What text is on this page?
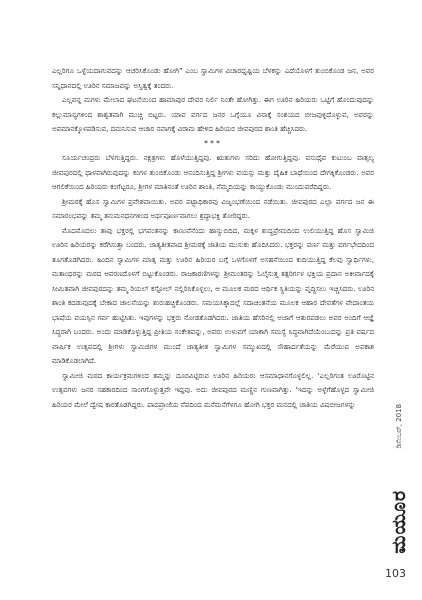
ಎಲ್ಲರಿಗೂ ಒಳ್ಳೆಯದಾಗುವದನ್ನು ಆಚರಿಸಿಕೊಂಡು ಹೋಗಿ” ಎಂಬ ಸ್ವಾಮಿಗಳ ವಿಚಾರಧೃಷ್ಟಿಯ ಬೆಳಕನ್ನು ಎದೆಯೊಳಗೆ ತುಂಬಿಕೊಂಡ ಜನ, ಅವರ ಸನ್ನಿಧಾನದಲ್ಲಿ ಊರಿನ ಸಮಾಜವನ್ನು ಅಸ್ತಿತ್ವಕ್ಕೆ ತಂದರು.

ಎಲ್ಲವನ್ನ ಮಗಳು ಮೇಲಾದ ಘಟನೆಯಿಂದ ಹಾಮಾಪುರ ದೇವರ ನಿರ್ಲಿ ನಿಂತೇ ಹೋಗಿತ್ತು. ಈಗ ಊರಿನ ಹಿರಿಯರು ಒಟ್ಟಿಗೆ ಹೊಂದುವುದನ್ನು ಕಲ್ಲುಮಾನ್ಯಗಳಿಂದ ಶಾಶ್ವತವಾಗಿ ಮುಚ್ಚಿ ಬಿಟ್ಟರು. ಯಾವ ವರ್ಗದ ಜನರ ಒಗ್ಗೆಯೂ ವಿನಾಕ್ಕೆ ಸಂಶಯದ ಬೀಜವುಳ್ಳಿದೊಳ್ಳುವ, ಅವರನ್ನು ಅಪಮಾನಕ್ಕೊಳಪಡಿಸುವ, ದಮನಿಸುವ ಆಚಾರ ನವಾಗಕ್ಕೆ ವಿರಾಮ ಹೇಳಿದ ಹಿರಿಯರ ಜೀವಪುರದ ಶಾಂತಿ ಹೆಚ್ಚಿಸಿದರು.

***

ಸೂರ್ಯಚಂದ್ರರು ಬೆಳಗುತ್ತಿದ್ದರು. ನಕ್ಷತ್ರಗಳು ಹೊಳೆಯುತ್ತಿದ್ದವು. ಋತುಗಳು ಸರಿದು ಹೋಗುತ್ತಿದ್ದವು. ವಸುಧೈವ ಕುಟುಂಬ ವಾತ್ಸಲ್ಯ ಜೀವಪುರದಲ್ಲಿ ಧಾಳವಾಗಿರುವುದನ್ನು ಕಂಗಳ ತುಂಬಿಕೊಂಡು ಆನಂದಿಸುತ್ತಿದ್ದ ಶ್ರೀಗಳು ವಯಸ್ಸು ಮತ್ತು ದೈಹಿಕ ಬಾಧೆಯಿಂದ ದೇಗಕ್ಕಿಕೊಂಡರು. ಅವರ ಆಗಲಿಕೆಯಿಂದ ಹಿರಿಯರು ಕಂಗೆಟ್ಟರೂ, ಶ್ರೀಗಳ ಮಾತಿನಂತೆ ಊರಿನ ಶಾಂತಿ, ನೆಮ್ಮದಿಯನ್ನು ಕಾಯ್ದುಕೊಂಡು ಮುಂದುವರೆದಿದ್ದರು.

ಶ್ರೀಮಠಕ್ಕೆ ಹೊಸ ಸ್ವಾಮಿಗಳ ಪ್ರವೇಶವಾಯಿತು. ಅವರ ಪಟ್ಟಾಧಿಕಾರವು ವಿಜೃಂಭಣೆಯಿಂದ ನಡೆಯಿತು. ಜೀವಪುರದ ಎಲ್ಲಾ ವರ್ಗದ ಜನ ಈ ಸಮಾರಂಭವನ್ನು ತಮ್ಮ ತನುಮನಧನಗಳಿಂದ ಅರ್ಥಪೂರ್ಣವಾಗಲು ಶ್ರದ್ಧಾಭಕ್ತಿ ತೋರಿದ್ದರು.

ಮೊದಮೊದಲು ತಾವು ಭಕ್ತರಲ್ಲಿ ಭಗವಂತನನ್ನು ಕಾಣುವೆನೆಂದು ಹಾಸ್ಯುಬಿದಿದ, ಮಕ್ಕಳ ಶುದ್ಧಪ್ರೇಮದಿಂದ ಉಲಿಯುತ್ತಿದ್ದ ಹೊಸ ಸ್ವಾಮಿಜಿ ಊರಿನ ಹಿರಿಯರನ್ನು ಕರೆಗಿಸುತ್ತಾ ಬಂದರು. ಜಾತ್ಯತೀತವಾದ ಶ್ರೀಮಠಕ್ಕೆ ಜಾತಿಯ ಮುಸುಕು ಹೊದಿಸಿದರು. ಭಕ್ತರನ್ನು ವರ್ಣ ಮತ್ತು ವರ್ಗಭೇದದಿಂದ ತೂಗತೊಡಗಿದರು. ಹಿಂದಿನ ಸ್ವಾಮಿಗಳ ಮಾತ್ಸ ಮತ್ತು ಊರಿನ ಹಿರಿಯರ ಬಗ್ಗೆ ಒಳಗೊಳಗೆ ಅಸಹನೆಯಿಂದ ಕುದಿಯುತ್ತಿದ್ದ ಕೆಲವು ಸ್ವಾರ್ಥಿಗಳು, ಮತಾಂಧರನ್ನು ಮಠದ ಆವರಣದೊಳಗೆ ಬಿಟ್ಟುಕೊಂಡರು. ರಾಜಕಾರಣಿಗಳನ್ನು ಶ್ರೀಮಂತರನ್ನು ಓಲೈಸುತ್ತ ತತ್ಪರಿರ್ಗಳ ಭಕ್ತಿಯ ಪ್ರದಾನ ಅಕೀರ್ವಾದಕ್ಕೆ ಸೀಮಿತವಾಗಿ ಜೀವಪುರದನ್ನು ತಮ್ಮ ರಿಯಲ್ ಕಸ್ಟೋಲ್ ನಲ್ಲಿರಿಸಿಕೊಳ್ಳಲು, ಆ ಮೂಲಕ ಮಠದ ಆರ್ಥಿಕ ಸ್ಥಿತಿಯನ್ನು ವೃದ್ಧಿಸಲು ಇಚ್ಚಿಸಿದರು. ಊರಿನ ಶಾಂತಿ ಕದಡುವುದಕ್ಕೆ ಬೇಕಾದ ಚಾಲನೆಯನ್ನು ಶುರುಹಚ್ಚಿಕೊಂಡರು. ಸಮಯಸಿಕ್ಕಾದಲ್ಲೆ ಸದಾಚಿಂತನೆಯ ಮೂಲಕ ಆಹಾರ ದೇವತೆಗಳ ವೇದಾಂತಯ ಭಾಷೆಯ ವಯಸ್ಸಿನ ಗರ್ವ ಹುಟ್ಟಿಸಿತು. ಇವುಗಳನ್ನು ಭಕ್ತರು ನೋಡತೊಡಗಿದರು. ಜಾತಿಯ ಹೆಸರಿನಲ್ಲಿ ಅಜಾಗೆ ಆತುರಪಡಲು ಅವರ ಅಂದಿಗೆ ಆಜ್ಞೆ ಸಿದ್ಧರಾಗಿ ಬಂದರು. ಅಂದು ಮಾಡಿಕೊಳ್ಳುತ್ತಿದ್ದ ಪ್ರೀತಿಯ ಸಂಕೇತವನ್ನು, ಅವರು ಉಳುವಗೆ ಯಾಕಾಗಿ ಸಮಸ್ಯೆ ಸಿದ್ಧವಾಗಿದೆಯೆಂಬುದನ್ನು ಪ್ರತಿ ವರ್ಷದ ವಾರ್ಷಿಕ ಉತ್ಸವದಲ್ಲಿ ಶ್ರೀಗಳು ಸ್ವಾಮಿಜಿಗಳ ಮುಂದೆ ಜಾತ್ಯತೀತ ಸ್ವಾಮಿಗಳ ಸಮ್ಮುಖದಲ್ಲಿ ಸೌಹಾರ್ದತೆಯನ್ನು ಮೆರೆಯುವ ಅವಕಾಶ ಮಾಡಿಕೊಡಲಾಗಿದೆ.

ಸ್ವಾಮೀಜಿ ಮಠದ ಕಾರ್ಯಕ್ರಮಗಳಿಂದ ತಮ್ಮನ್ನು ದೂರವಿಟ್ಟಿರುವ ಊರಿನ ಹಿರಿಯರು ಆಸಮಾಧಾನಗೊಳ್ಳಲಿಲ್ಲ. 'ಎಲ್ಲರಿಗಂತ ಊರೊಟ್ಟಿನ ಉತ್ಸವಗಳು ಜನರ ಸಹಕಾರದಿಂದ ಸಾಂಗಗೊಳ್ಳುತ್ತವೇ ಇದ್ದವು. ಅದು ಜೀವಪುರದ ಮಣ್ಣಿನ ಗುಣವಾಗಿತ್ತು. 'ಇದನ್ನು ಅಳ್ಳೆಗೆಹೊಳ್ಳದ ಸ್ವಾಮೀಜಿ ಹಿರಿಯರ ಮೇಲೆ ದ್ವೇಷ ಕಾರತೊಡಗಿದ್ದರು. ಪಾದಪ್ರಾಜೆಯ ನೆಪದಿಂದ ಮನೆಮನೆಗೆಳಗೂ ಹೋಗಿ ಭಕ್ತರ ಮನದಲ್ಲಿ ಜಾತಿಯ ವಿಷಬೀಜಗಳನ್ನು	ಡಿಸೆಂಬರ್, 2018
ಮಯೂರ
103
